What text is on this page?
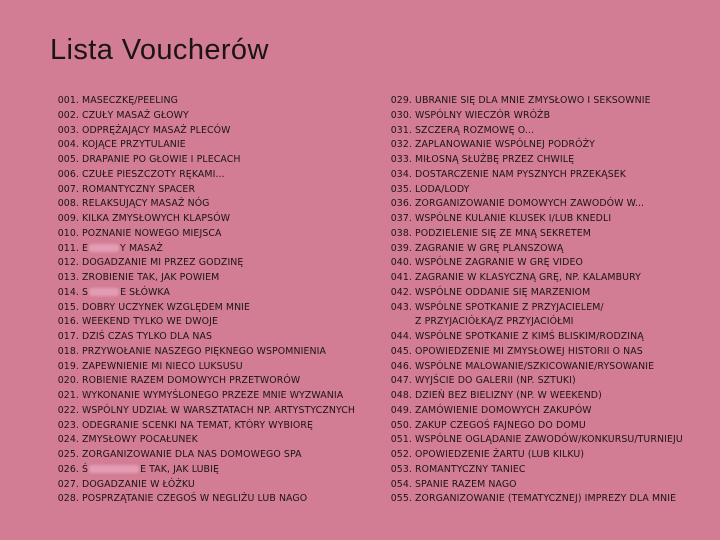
Lista Voucherów
001. MASECZKĘ/PEELING
002. CZUŁY MASAŻ GŁOWY
003. ODPRĘŻAJĄCY MASAŻ PLECÓW
004. KOJĄCE PRZYTULANIE
005. DRAPANIE PO GŁOWIE I PLECACH
006. CZUŁE PIESZCZOTY RĘKAMI...
007. ROMANTYCZNY SPACER
008. RELAKSUJĄCY MASAŻ NÓG
009. KILKA ZMYSŁOWYCH KLAPSÓW
010. POZNANIE NOWEGO MIEJSCA
011. E	Y MASAŻ
012. DOGADZANIE MI PRZEZ GODZINĘ
013. ZROBIENIE TAK, JAK POWIEM
014. S	E SŁÓWKA
015. DOBRY UCZYNEK WZGLĘDEM MNIE
016. WEEKEND TYLKO WE DWOJE
017. DZIŚ CZAS TYLKO DLA NAS
018. PRZYWOŁANIE NASZEGO PIĘKNEGO WSPOMNIENIA
019. ZAPEWNIENIE MI NIECO LUKSUSU
020. ROBIENIE RAZEM DOMOWYCH PRZETWORÓW
021. WYKONANIE WYMYŚLONEGO PRZEZE MNIE WYZWANIA
022. WSPÓLNY UDZIAŁ W WARSZTATACH NP. ARTYSTYCZNYCH
023. ODEGRANIE SCENKI NA TEMAT, KTÓRY WYBIORĘ
024. ZMYSŁOWY POCAŁUNEK
025. ZORGANIZOWANIE DLA NAS DOMOWEGO SPA
026. Ś	E TAK, JAK LUBIĘ
027. DOGADZANIE W ŁÓŻKU
028. POSPRZĄTANIE CZEGOŚ W NEGLIŻU LUB NAGO
029. UBRANIE SIĘ DLA MNIE ZMYSŁOWO I SEKSOWNIE
030. WSPÓLNY WIECZÓR WRÓŻB
031. SZCZERĄ ROZMOWĘ O...
032. ZAPLANOWANIE WSPÓLNEJ PODRÓŻY
033. MIŁOSNĄ SŁUŻBĘ PRZEZ CHWILĘ
034. DOSTARCZENIE NAM PYSZNYCH PRZEKĄSEK
035. LODA/LODY
036. ZORGANIZOWANIE DOMOWYCH ZAWODÓW W...
037. WSPÓLNE KULANIE KLUSEK I/LUB KNEDLI
038. PODZIELENIE SIĘ ZE MNĄ SEKRETEM
039. ZAGRANIE W GRĘ PLANSZOWĄ
040. WSPÓLNE ZAGRANIE W GRĘ VIDEO
041. ZAGRANIE W KLASYCZNĄ GRĘ, NP. KALAMBURY
042. WSPÓLNE ODDANIE SIĘ MARZENIOM
043. WSPÓLNE SPOTKANIE Z PRZYJACIELEM/
Z PRZYJACIÓŁKĄ/Z PRZYJACIÓŁMI
044. WSPÓLNE SPOTKANIE Z KIMŚ BLISKIM/RODZINĄ
045. OPOWIEDZENIE MI ZMYSŁOWEJ HISTORII O NAS
046. WSPÓLNE MALOWANIE/SZKICOWANIE/RYSOWANIE
047. WYJŚCIE DO GALERII (NP. SZTUKI)
048. DZIEŃ BEZ BIELIZNY (NP. W WEEKEND)
049. ZAMÓWIENIE DOMOWYCH ZAKUPÓW
050. ZAKUP CZEGOŚ FAJNEGO DO DOMU
051. WSPÓLNE OGLĄDANIE ZAWODÓW/KONKURSU/TURNIEJU
052. OPOWIEDZENIE ŻARTU (LUB KILKU)
053. ROMANTYCZNY TANIEC
054. SPANIE RAZEM NAGO
055. ZORGANIZOWANIE (TEMATYCZNEJ) IMPREZY DLA MNIE
